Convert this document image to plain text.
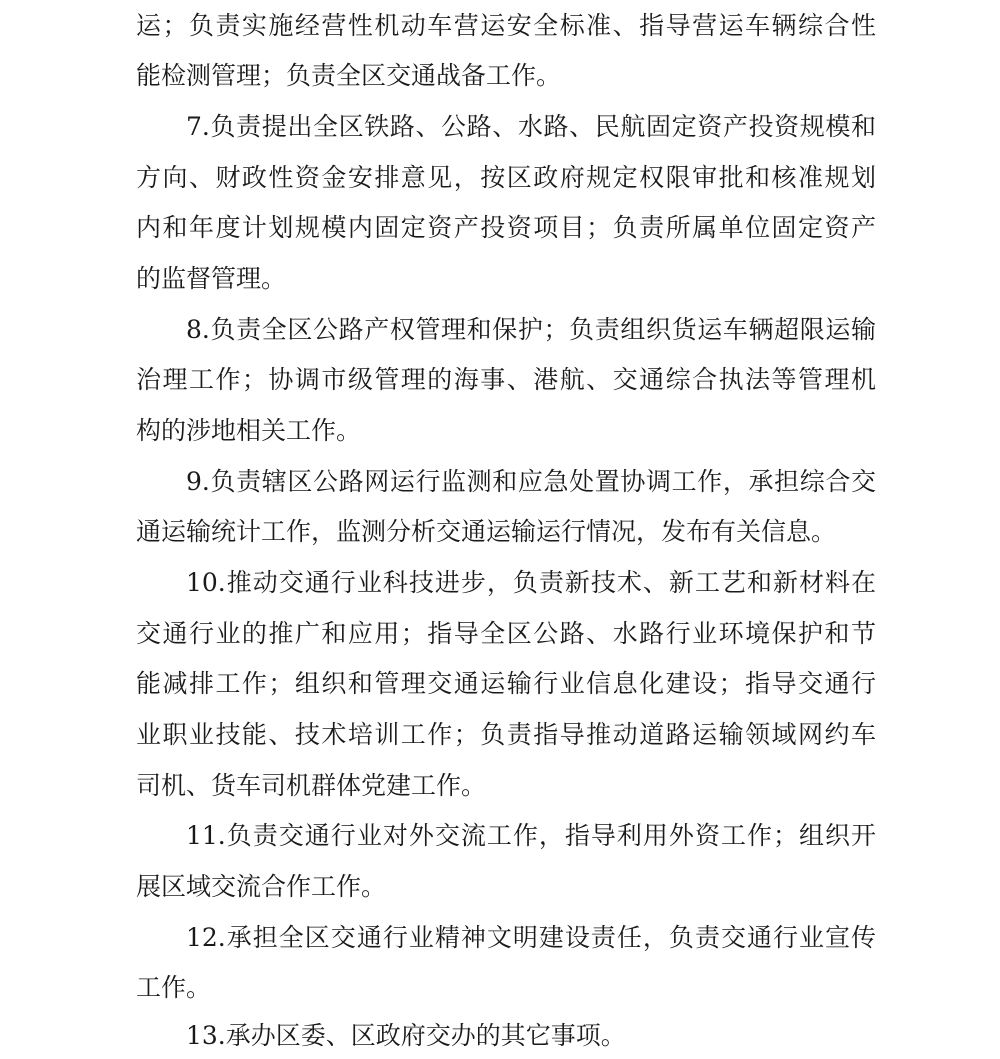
运；负责实施经营性机动车营运安全标准、指导营运车辆综合性
能检测管理；负责全区交通战备工作。
7.负责提出全区铁路、公路、水路、民航固定资产投资规模和
方向、财政性资金安排意见，按区政府规定权限审批和核准规划
内和年度计划规模内固定资产投资项目；负责所属单位固定资产
的监督管理。
8.负责全区公路产权管理和保护；负责组织货运车辆超限运输
治理工作；协调市级管理的海事、港航、交通综合执法等管理机
构的涉地相关工作。
9.负责辖区公路网运行监测和应急处置协调工作，承担综合交
通运输统计工作，监测分析交通运输运行情况，发布有关信息。
10.推动交通行业科技进步，负责新技术、新工艺和新材料在
交通行业的推广和应用；指导全区公路、水路行业环境保护和节
能减排工作；组织和管理交通运输行业信息化建设；指导交通行
业职业技能、技术培训工作；负责指导推动道路运输领域网约车
司机、货车司机群体党建工作。
11.负责交通行业对外交流工作，指导利用外资工作；组织开
展区域交流合作工作。
12.承担全区交通行业精神文明建设责任，负责交通行业宣传
工作。
13.承办区委、区政府交办的其它事项。
